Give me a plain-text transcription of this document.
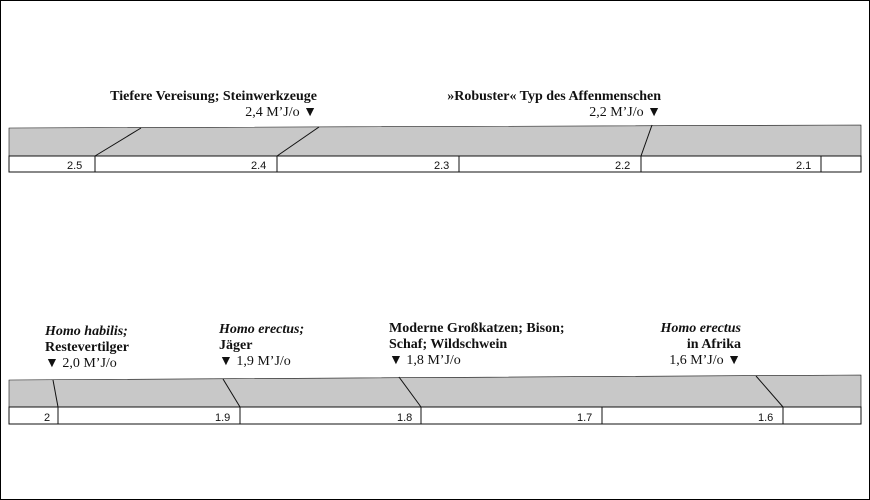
2.5	2.4	2.3	2.2	2.1
2	1.9	1.8	1.7	1.6
Tiefere Vereisung; Steinwerkzeuge
2,4 M’J/o ▼
»Robuster« Typ des Affenmenschen
2,2 M’J/o ▼
Homo habilis;
Restevertilger
▼ 2,0 M’J/o
Homo erectus;
Jäger
▼ 1,9 M’J/o
Moderne Großkatzen; Bison;
Schaf; Wildschwein
▼ 1,8 M’J/o
Homo erectus
in Afrika
1,6 M’J/o ▼
